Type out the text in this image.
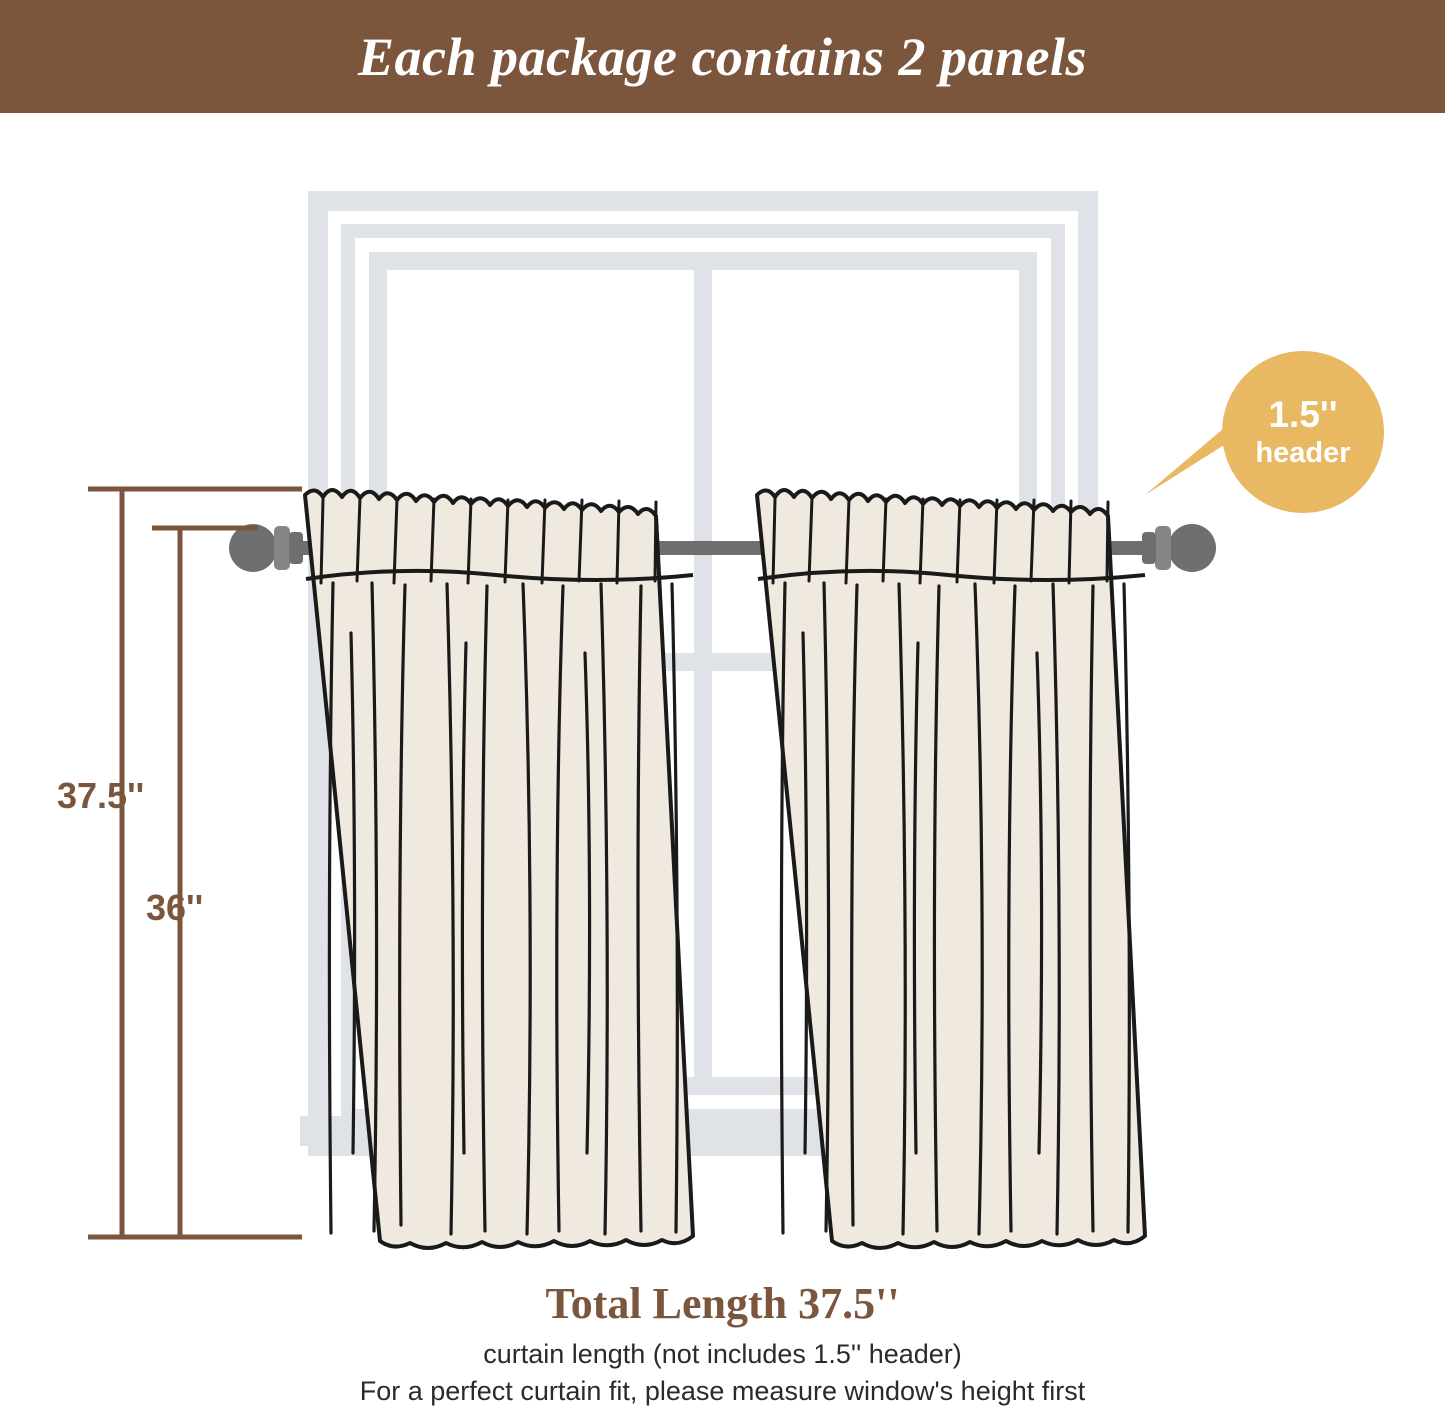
Each package contains 2 panels
1.5''
header
37.5''
36''

Total Length 37.5''

curtain length (not includes 1.5'' header)

For a perfect curtain fit, please measure window's height first
